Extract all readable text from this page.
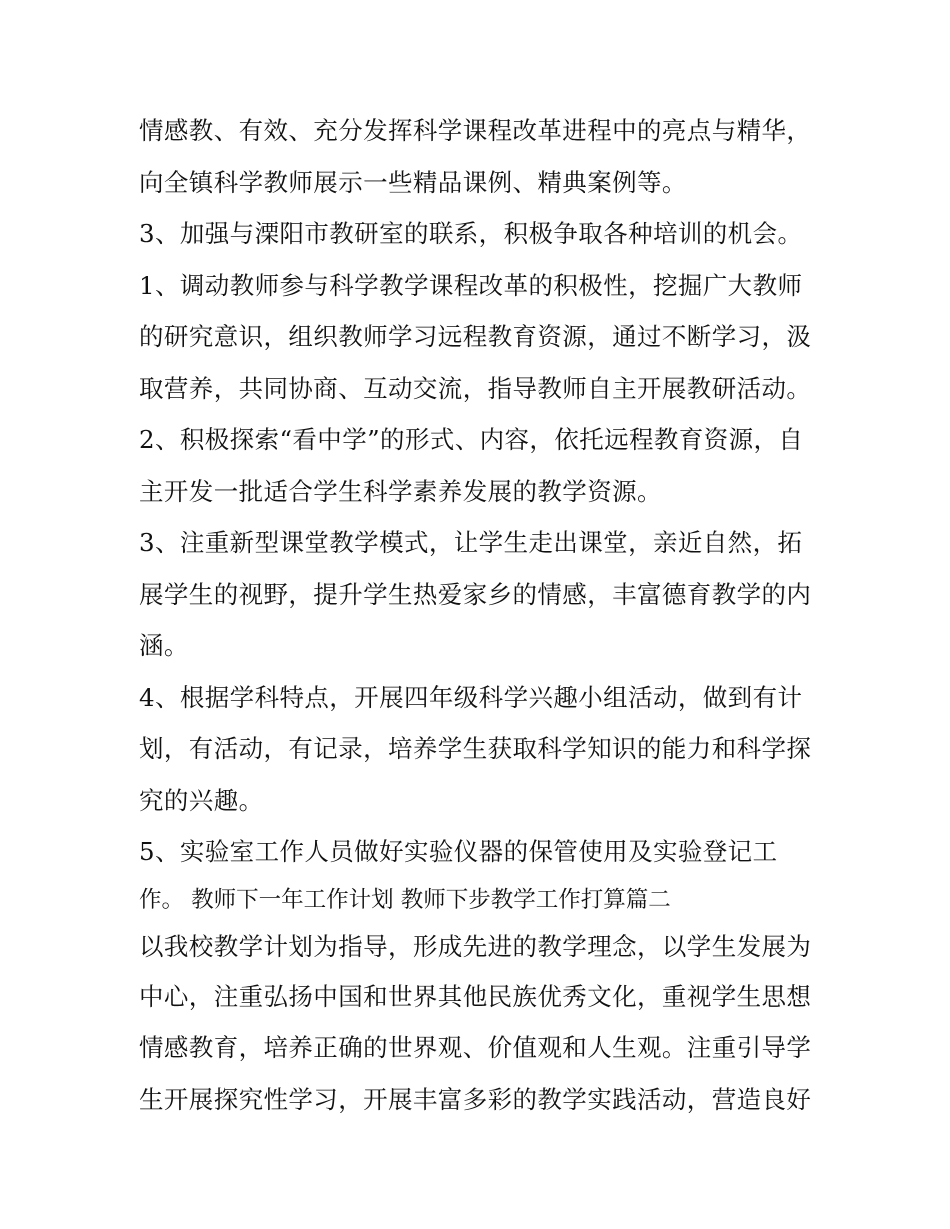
情感教、有效、充分发挥科学课程改革进程中的亮点与精华，
向全镇科学教师展示一些精品课例、精典案例等。
3、加强与溧阳市教研室的联系，积极争取各种培训的机会。
1、调动教师参与科学教学课程改革的积极性，挖掘广大教师
的研究意识，组织教师学习远程教育资源，通过不断学习，汲
取营养，共同协商、互动交流，指导教师自主开展教研活动。
2、积极探索“看中学”的形式、内容，依托远程教育资源，自
主开发一批适合学生科学素养发展的教学资源。
3、注重新型课堂教学模式，让学生走出课堂，亲近自然，拓
展学生的视野，提升学生热爱家乡的情感，丰富德育教学的内
涵。
4、根据学科特点，开展四年级科学兴趣小组活动，做到有计
划，有活动，有记录，培养学生获取科学知识的能力和科学探
究的兴趣。
5、实验室工作人员做好实验仪器的保管使用及实验登记工
作。 教师下一年工作计划 教师下步教学工作打算篇二
以我校教学计划为指导，形成先进的教学理念，以学生发展为
中心，注重弘扬中国和世界其他民族优秀文化，重视学生思想
情感教育，培养正确的世界观、价值观和人生观。注重引导学
生开展探究性学习，开展丰富多彩的教学实践活动，营造良好
